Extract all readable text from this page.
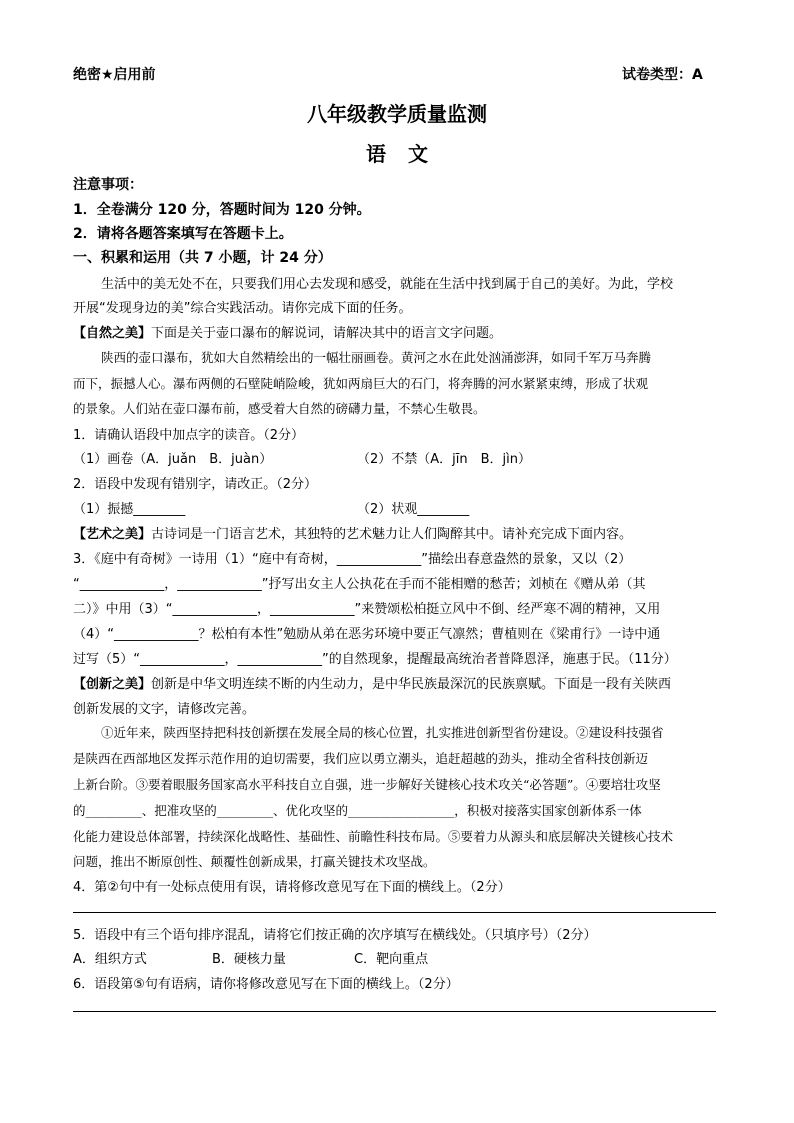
绝密★启用前	试卷类型：A
八年级教学质量监测
语文
注意事项：
1．全卷满分 120 分，答题时间为 120 分钟。
2．请将各题答案填写在答题卡上。
一、积累和运用（共 7 小题，计 24 分）
生活中的美无处不在，只要我们用心去发现和感受，就能在生活中找到属于自己的美好。为此，学校
开展“发现身边的美”综合实践活动。请你完成下面的任务。
【自然之美】下面是关于壶口瀑布的解说词，请解决其中的语言文字问题。
陕西的壶口瀑布，犹如大自然精绘出的一幅壮丽画卷。黄河之水在此处汹涌澎湃，如同千军万马奔腾
而下，振撼人心。瀑布两侧的石壁陡峭险峻，犹如两扇巨大的石门，将奔腾的河水紧紧束缚，形成了状观
的景象。人们站在壶口瀑布前，感受着大自然的磅礴力量，不禁心生敬畏。
1．请确认语段中加点字的读音。（2分）
（1）画卷（A．juǎn　B．juàn）	（2）不禁（A．jīn　B．jìn）
2．语段中发现有错别字，请改正。（2分）
（1）振撼________	（2）状观________
【艺术之美】古诗词是一门语言艺术，其独特的艺术魅力让人们陶醉其中。请补充完成下面内容。
3．《庭中有奇树》一诗用（1）“庭中有奇树，_____________”描绘出春意盎然的景象，又以（2）
“_____________，_____________”抒写出女主人公执花在手而不能相赠的愁苦；刘桢在《赠从弟（其
二）》中用（3）“_____________，_____________”来赞颂松柏挺立风中不倒、经严寒不凋的精神，又用
（4）“_____________？松柏有本性”勉励从弟在恶劣环境中要正气凛然；曹植则在《梁甫行》一诗中通
过写（5）“_____________，_____________”的自然现象，提醒最高统治者普降恩泽，施惠于民。（11分）
【创新之美】创新是中华文明连续不断的内生动力，是中华民族最深沉的民族禀赋。下面是一段有关陕西
创新发展的文字，请修改完善。
①近年来，陕西坚持把科技创新摆在发展全局的核心位置，扎实推进创新型省份建设。②建设科技强省
是陕西在西部地区发挥示范作用的迫切需要，我们应以勇立潮头，追赶超越的劲头，推动全省科技创新迈
上新台阶。③要着眼服务国家高水平科技自立自强，进一步解好关键核心技术攻关“必答题”。④要培壮攻坚
的_________、把准攻坚的_________、优化攻坚的_________________，积极对接落实国家创新体系一体
化能力建设总体部署，持续深化战略性、基础性、前瞻性科技布局。⑤要着力从源头和底层解决关键核心技术
问题，推出不断原创性、颠覆性创新成果，打赢关键技术攻坚战。
4．第②句中有一处标点使用有误，请将修改意见写在下面的横线上。（2分）
5．语段中有三个语句排序混乱，请将它们按正确的次序填写在横线处。（只填序号）（2分）
A．组织方式	B．硬核力量	C．靶向重点
6．语段第⑤句有语病，请你将修改意见写在下面的横线上。（2分）
